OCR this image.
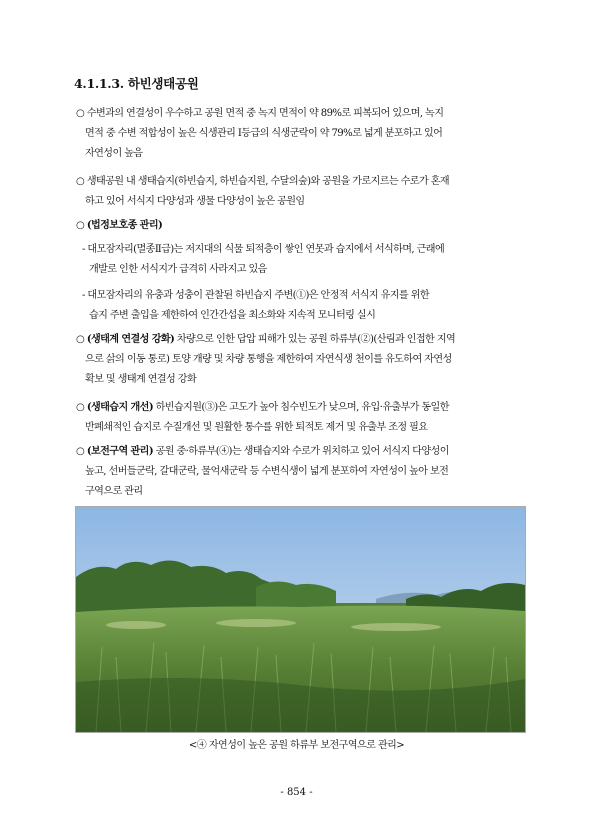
4.1.1.3. 하빈생태공원
○ 수변과의 연결성이 우수하고 공원 면적 중 녹지 면적이 약 89%로 피복되어 있으며, 녹지
면적 중 수변 적합성이 높은 식생관리 I등급의 식생군락이 약 79%로 넓게 분포하고 있어
자연성이 높음
○ 생태공원 내 생태습지(하빈습지, 하빈습지원, 수달의숲)와 공원을 가로지르는 수로가 혼재
하고 있어 서식지 다양성과 생물 다양성이 높은 공원임
○ (법정보호종 관리)
- 대모잠자리(멸종Ⅱ급)는 저지대의 식물 퇴적층이 쌓인 연못과 습지에서 서식하며, 근래에
개발로 인한 서식지가 급격히 사라지고 있음
- 대모잠자리의 유충과 성충이 관찰된 하빈습지 주변(①)은 안정적 서식지 유지를 위한
습지 주변 출입을 제한하여 인간간섭을 최소화와 지속적 모니터링 실시
○ (생태계 연결성 강화) 차량으로 인한 답압 피해가 있는 공원 하류부(②)(산림과 인접한 지역
으로 삵의 이동 통로) 토양 개량 및 차량 통행을 제한하여 자연식생 천이를 유도하여 자연성
확보 및 생태계 연결성 강화
○ (생태습지 개선) 하빈습지원(③)은 고도가 높아 침수빈도가 낮으며, 유입·유출부가 동일한
반폐쇄적인 습지로 수질개선 및 원활한 통수를 위한 퇴적토 제거 및 유출부 조정 필요
○ (보전구역 관리) 공원 중·하류부(④)는 생태습지와 수로가 위치하고 있어 서식지 다양성이
높고, 선버들군락, 갈대군락, 물억새군락 등 수변식생이 넓게 분포하여 자연성이 높아 보전
구역으로 관리
<④ 자연성이 높은 공원 하류부 보전구역으로 관리>
- 854 -
